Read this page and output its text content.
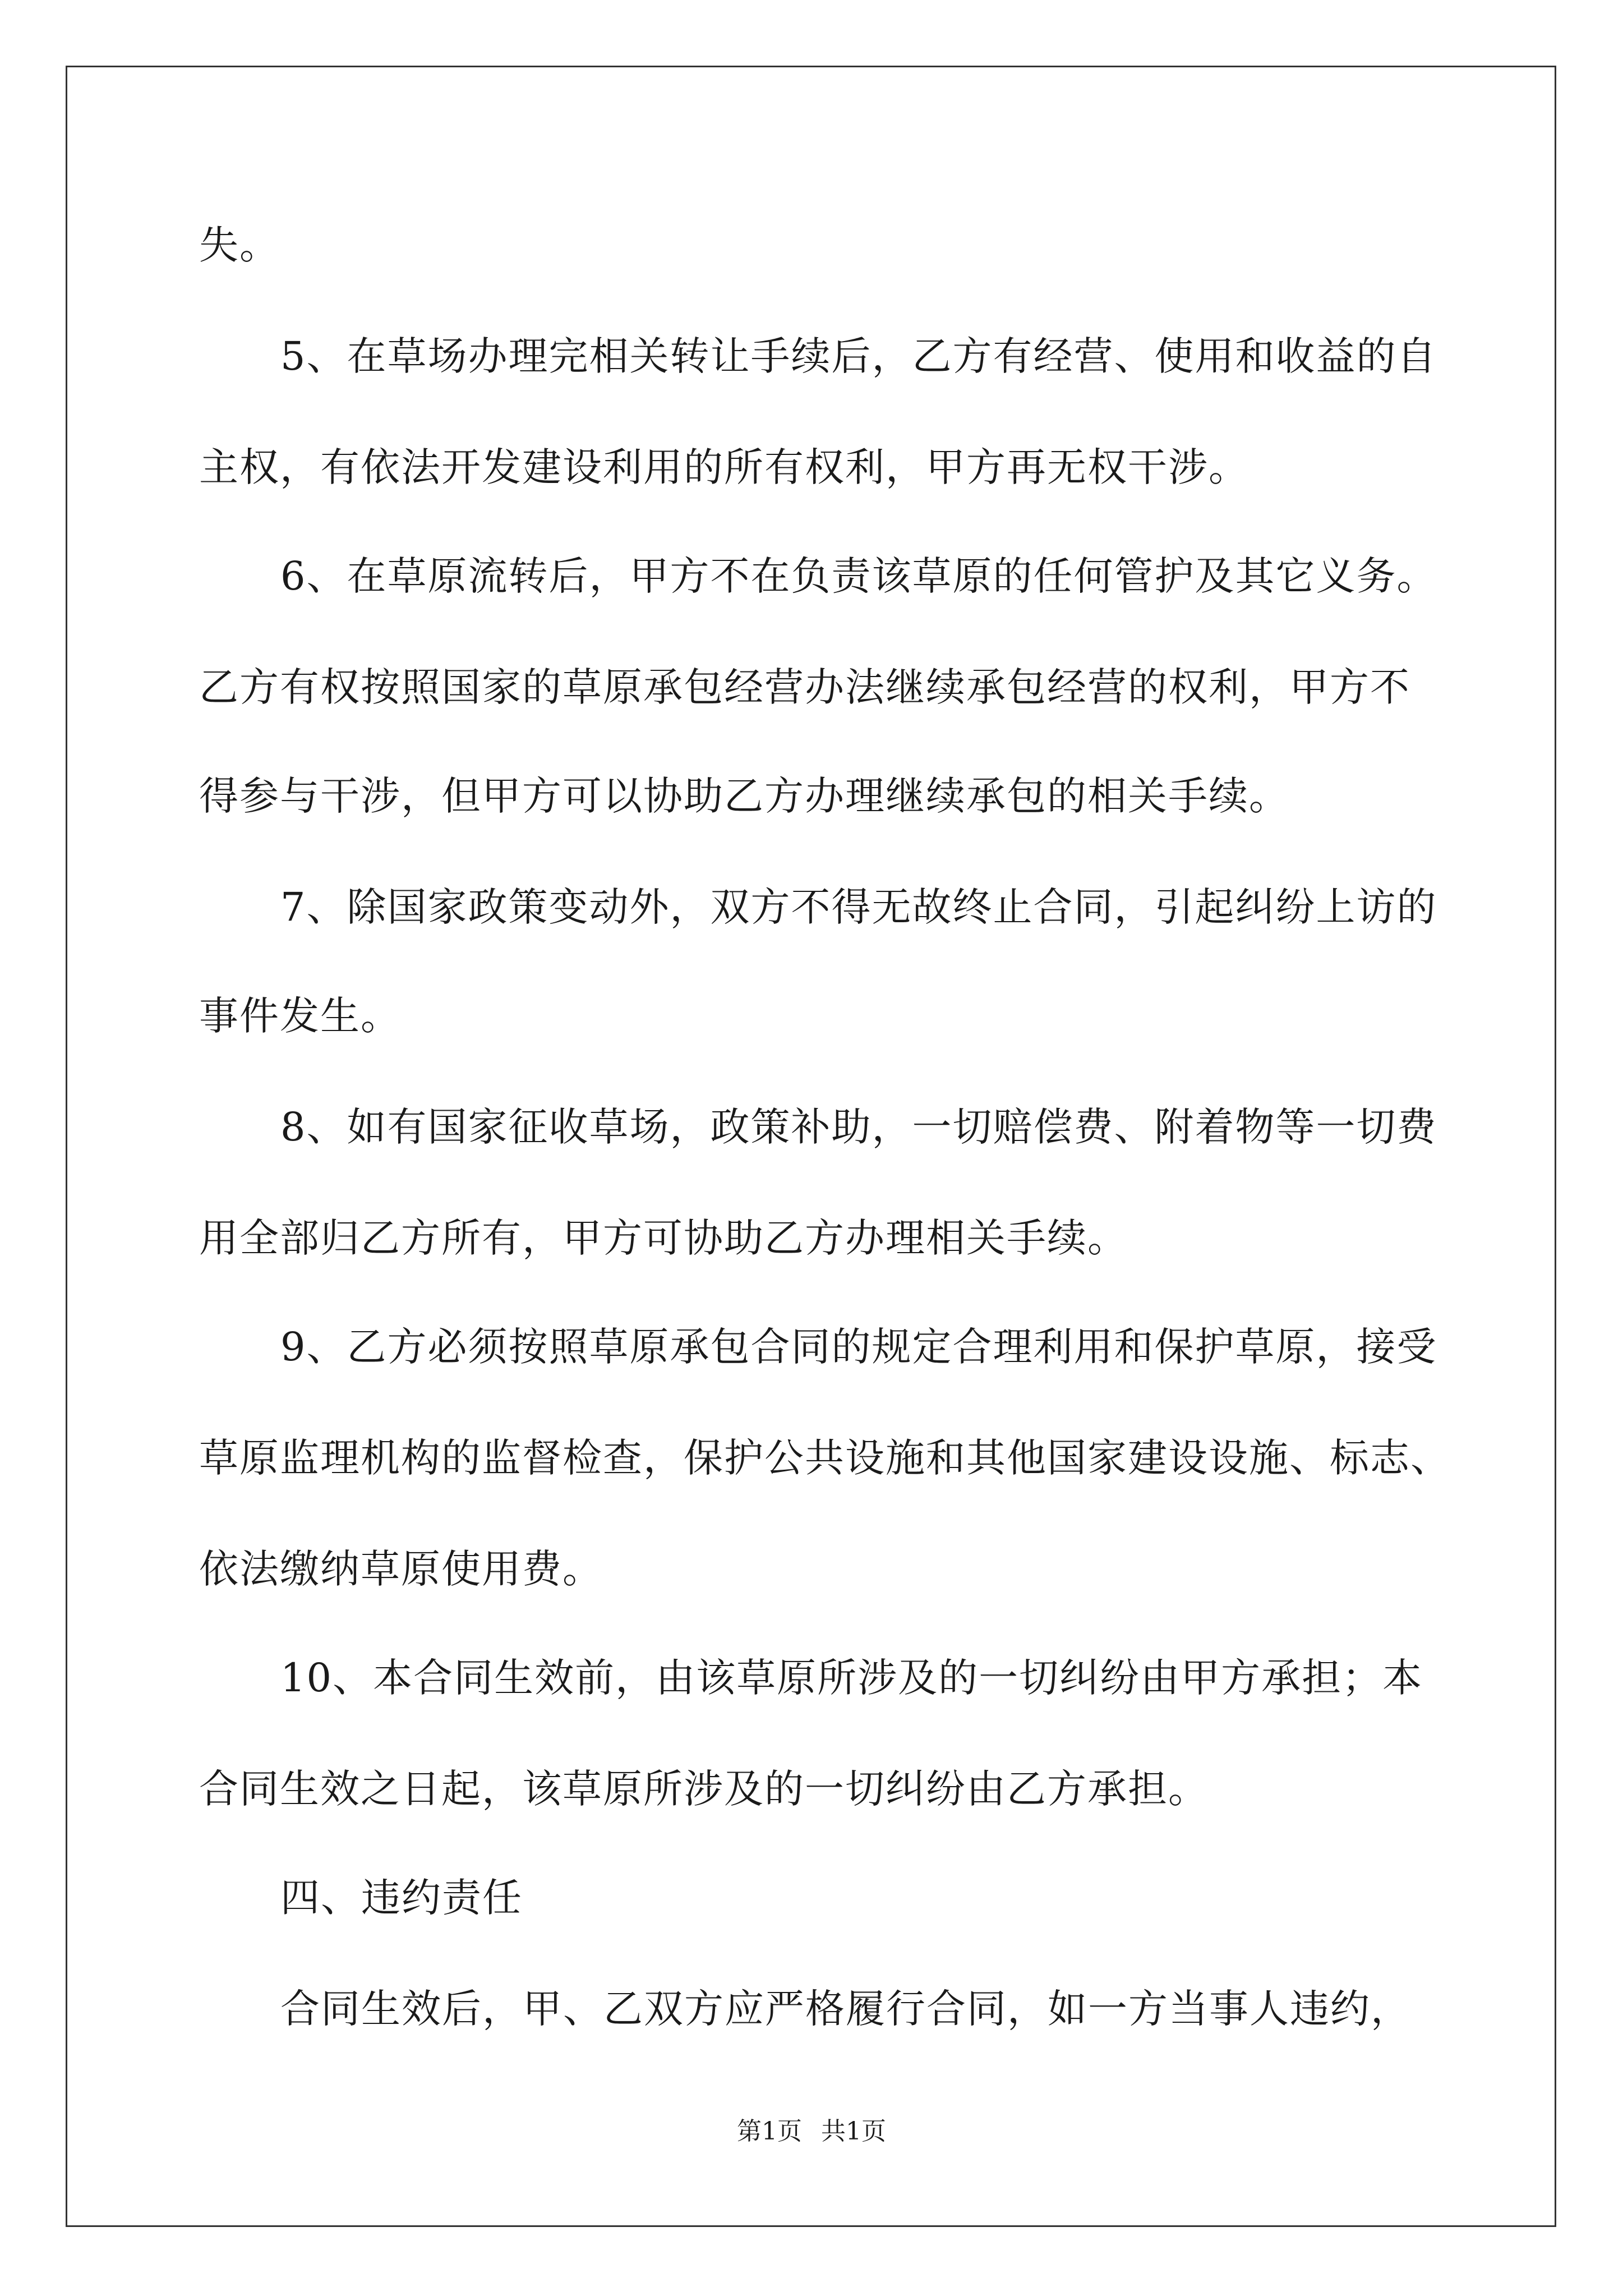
失。
5、在草场办理完相关转让手续后，乙方有经营、使用和收益的自
主权，有依法开发建设利用的所有权利，甲方再无权干涉。
6、在草原流转后，甲方不在负责该草原的任何管护及其它义务。
乙方有权按照国家的草原承包经营办法继续承包经营的权利，甲方不
得参与干涉，但甲方可以协助乙方办理继续承包的相关手续。
7、除国家政策变动外，双方不得无故终止合同，引起纠纷上访的
事件发生。
8、如有国家征收草场，政策补助，一切赔偿费、附着物等一切费
用全部归乙方所有，甲方可协助乙方办理相关手续。
9、乙方必须按照草原承包合同的规定合理利用和保护草原，接受
草原监理机构的监督检查，保护公共设施和其他国家建设设施、标志、
依法缴纳草原使用费。
10、本合同生效前，由该草原所涉及的一切纠纷由甲方承担；本
合同生效之日起，该草原所涉及的一切纠纷由乙方承担。
四、违约责任
合同生效后，甲、乙双方应严格履行合同，如一方当事人违约，
第1页 共1页
